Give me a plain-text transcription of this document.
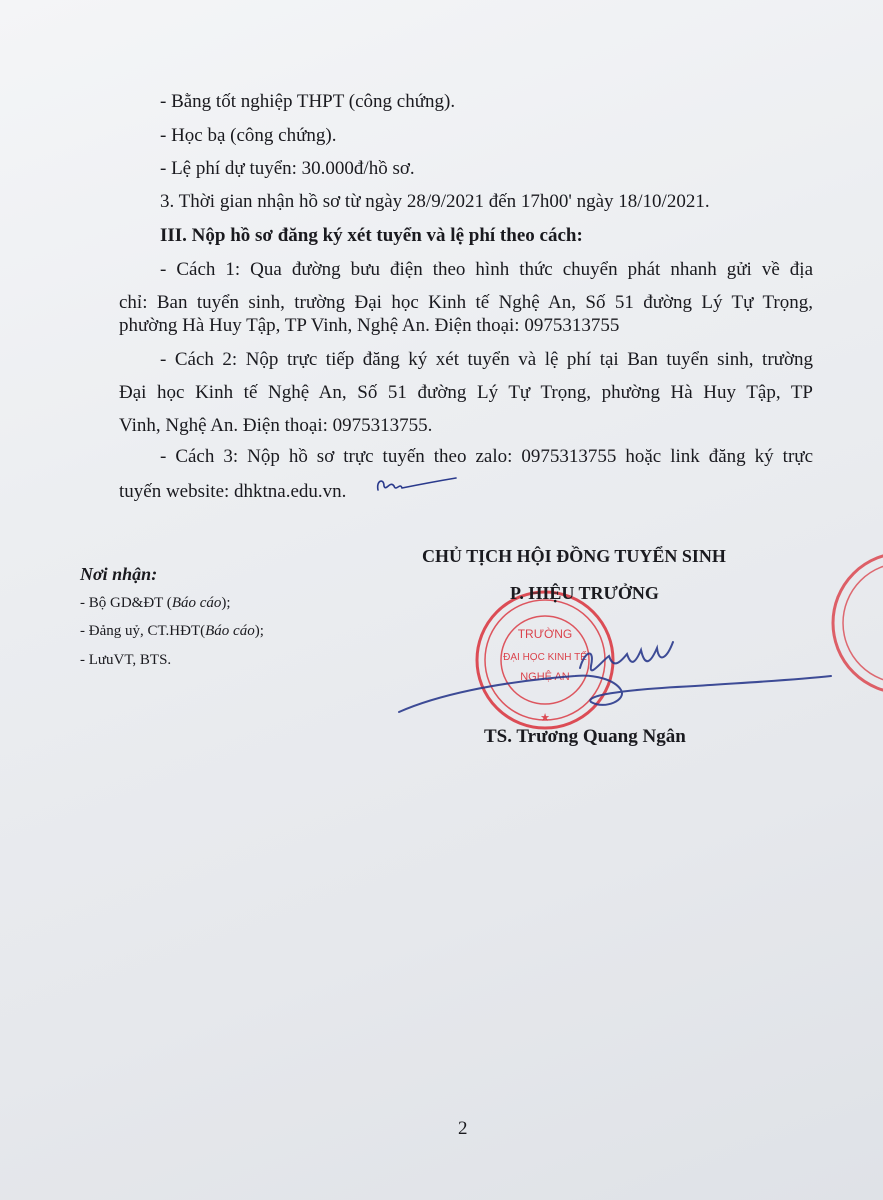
- Bằng tốt nghiệp THPT (công chứng).
- Học bạ (công chứng).
- Lệ phí dự tuyển: 30.000đ/hồ sơ.
3. Thời gian nhận hồ sơ từ ngày 28/9/2021 đến 17h00' ngày 18/10/2021.
III. Nộp hồ sơ đăng ký xét tuyển và lệ phí theo cách:
- Cách 1: Qua đường bưu điện theo hình thức chuyển phát nhanh gửi về địa
chỉ: Ban tuyển sinh, trường Đại học Kinh tế Nghệ An, Số 51 đường Lý Tự Trọng,
phường Hà Huy Tập, TP Vinh, Nghệ An. Điện thoại: 0975313755
- Cách 2: Nộp trực tiếp đăng ký xét tuyển và lệ phí tại Ban tuyển sinh, trường
Đại học Kinh tế Nghệ An, Số 51 đường Lý Tự Trọng, phường Hà Huy Tập, TP
Vinh, Nghệ An. Điện thoại: 0975313755.
- Cách 3: Nộp hồ sơ trực tuyến theo zalo: 0975313755 hoặc link đăng ký trực
tuyến website: dhktna.edu.vn.
Nơi nhận:
- Bộ GD&ĐT (Báo cáo);
- Đảng uỷ, CT.HĐT(Báo cáo);
- LưuVT, BTS.
CHỦ TỊCH HỘI ĐỒNG TUYỂN SINH
TRƯỜNG
ĐẠI HỌC KINH TẾ
NGHỆ AN
★
P. HIỆU TRƯỞNG
TS. Trương Quang Ngân
2
